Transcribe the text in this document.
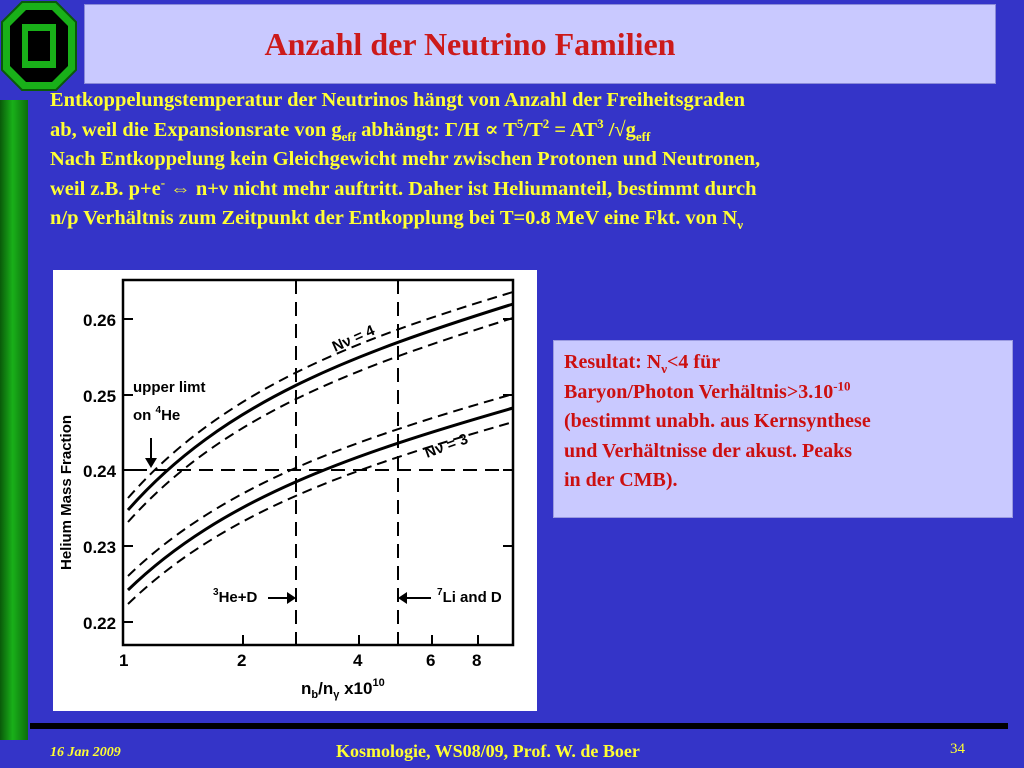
Anzahl der Neutrino Familien
Entkoppelungstemperatur der Neutrinos hängt von Anzahl der Freiheitsgraden
ab, weil die Expansionsrate von $g_{eff}$ abhängt: $\Gamma/H \propto T^5/T^2 = AT^3$ $/√g_{eff}$
Nach Entkoppelung kein Gleichgewicht mehr zwischen Protonen und Neutronen,
weil z.B. p+e- ⇔ n+ν nicht mehr auftritt. Daher ist Heliumanteil, bestimmt durch
n/p Verhältnis zum Zeitpunkt der Entkopplung bei T=0.8 MeV eine Fkt. von $N_\nu$
0.26
0.25
0.24
0.23
0.22
1	2	4	6 8
Helium Mass Fraction
$n_b/n_\gamma$ $x10^{10}$
Nν = 4
Nν = 3
upper limt
on $^4$He
$^3$He+D	$^7$Li and D
Resultat: $N_\nu<4$ für
Baryon/Photon $Verhältnis>3.10^{-10}$
(bestimmt unabh. aus Kernsynthese
und Verhältnisse der akust. Peaks
in der CMB).
16 Jan 2009	Kosmologie, WS08/09, Prof. W. de Boer	34
